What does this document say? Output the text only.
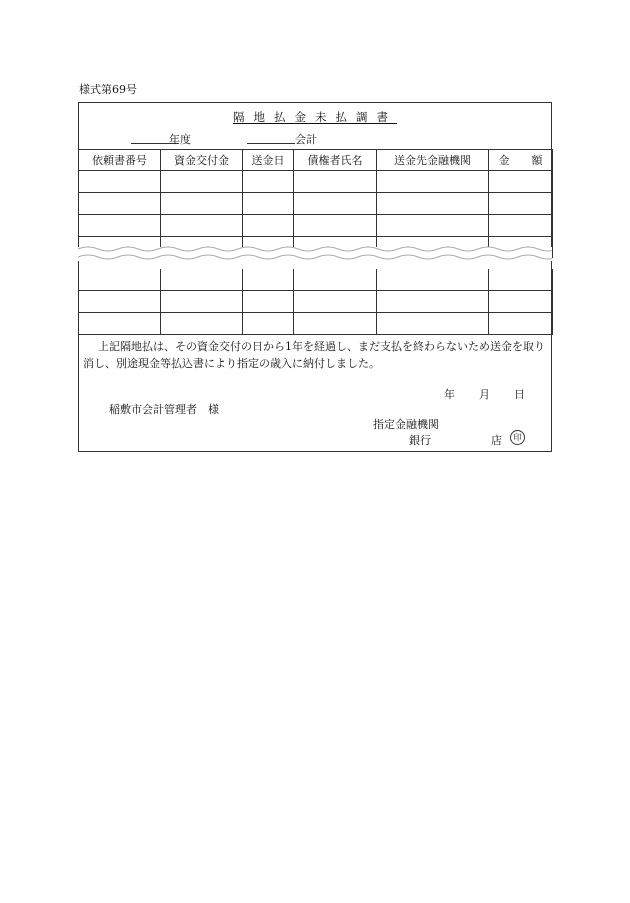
様式第69号
隔地払金未払調書
年度	会計
依頼書番号	資金交付金	送金日	債権者氏名	送金先金融機関	金　　額

上記隔地払は、その資金交付の日から1年を経過し、まだ支払を終わらないため送金を取り消し、別途現金等払込書により指定の歳入に納付しました。
年 月 日
稲敷市会計管理者　様
指定金融機関
銀行	店	印
